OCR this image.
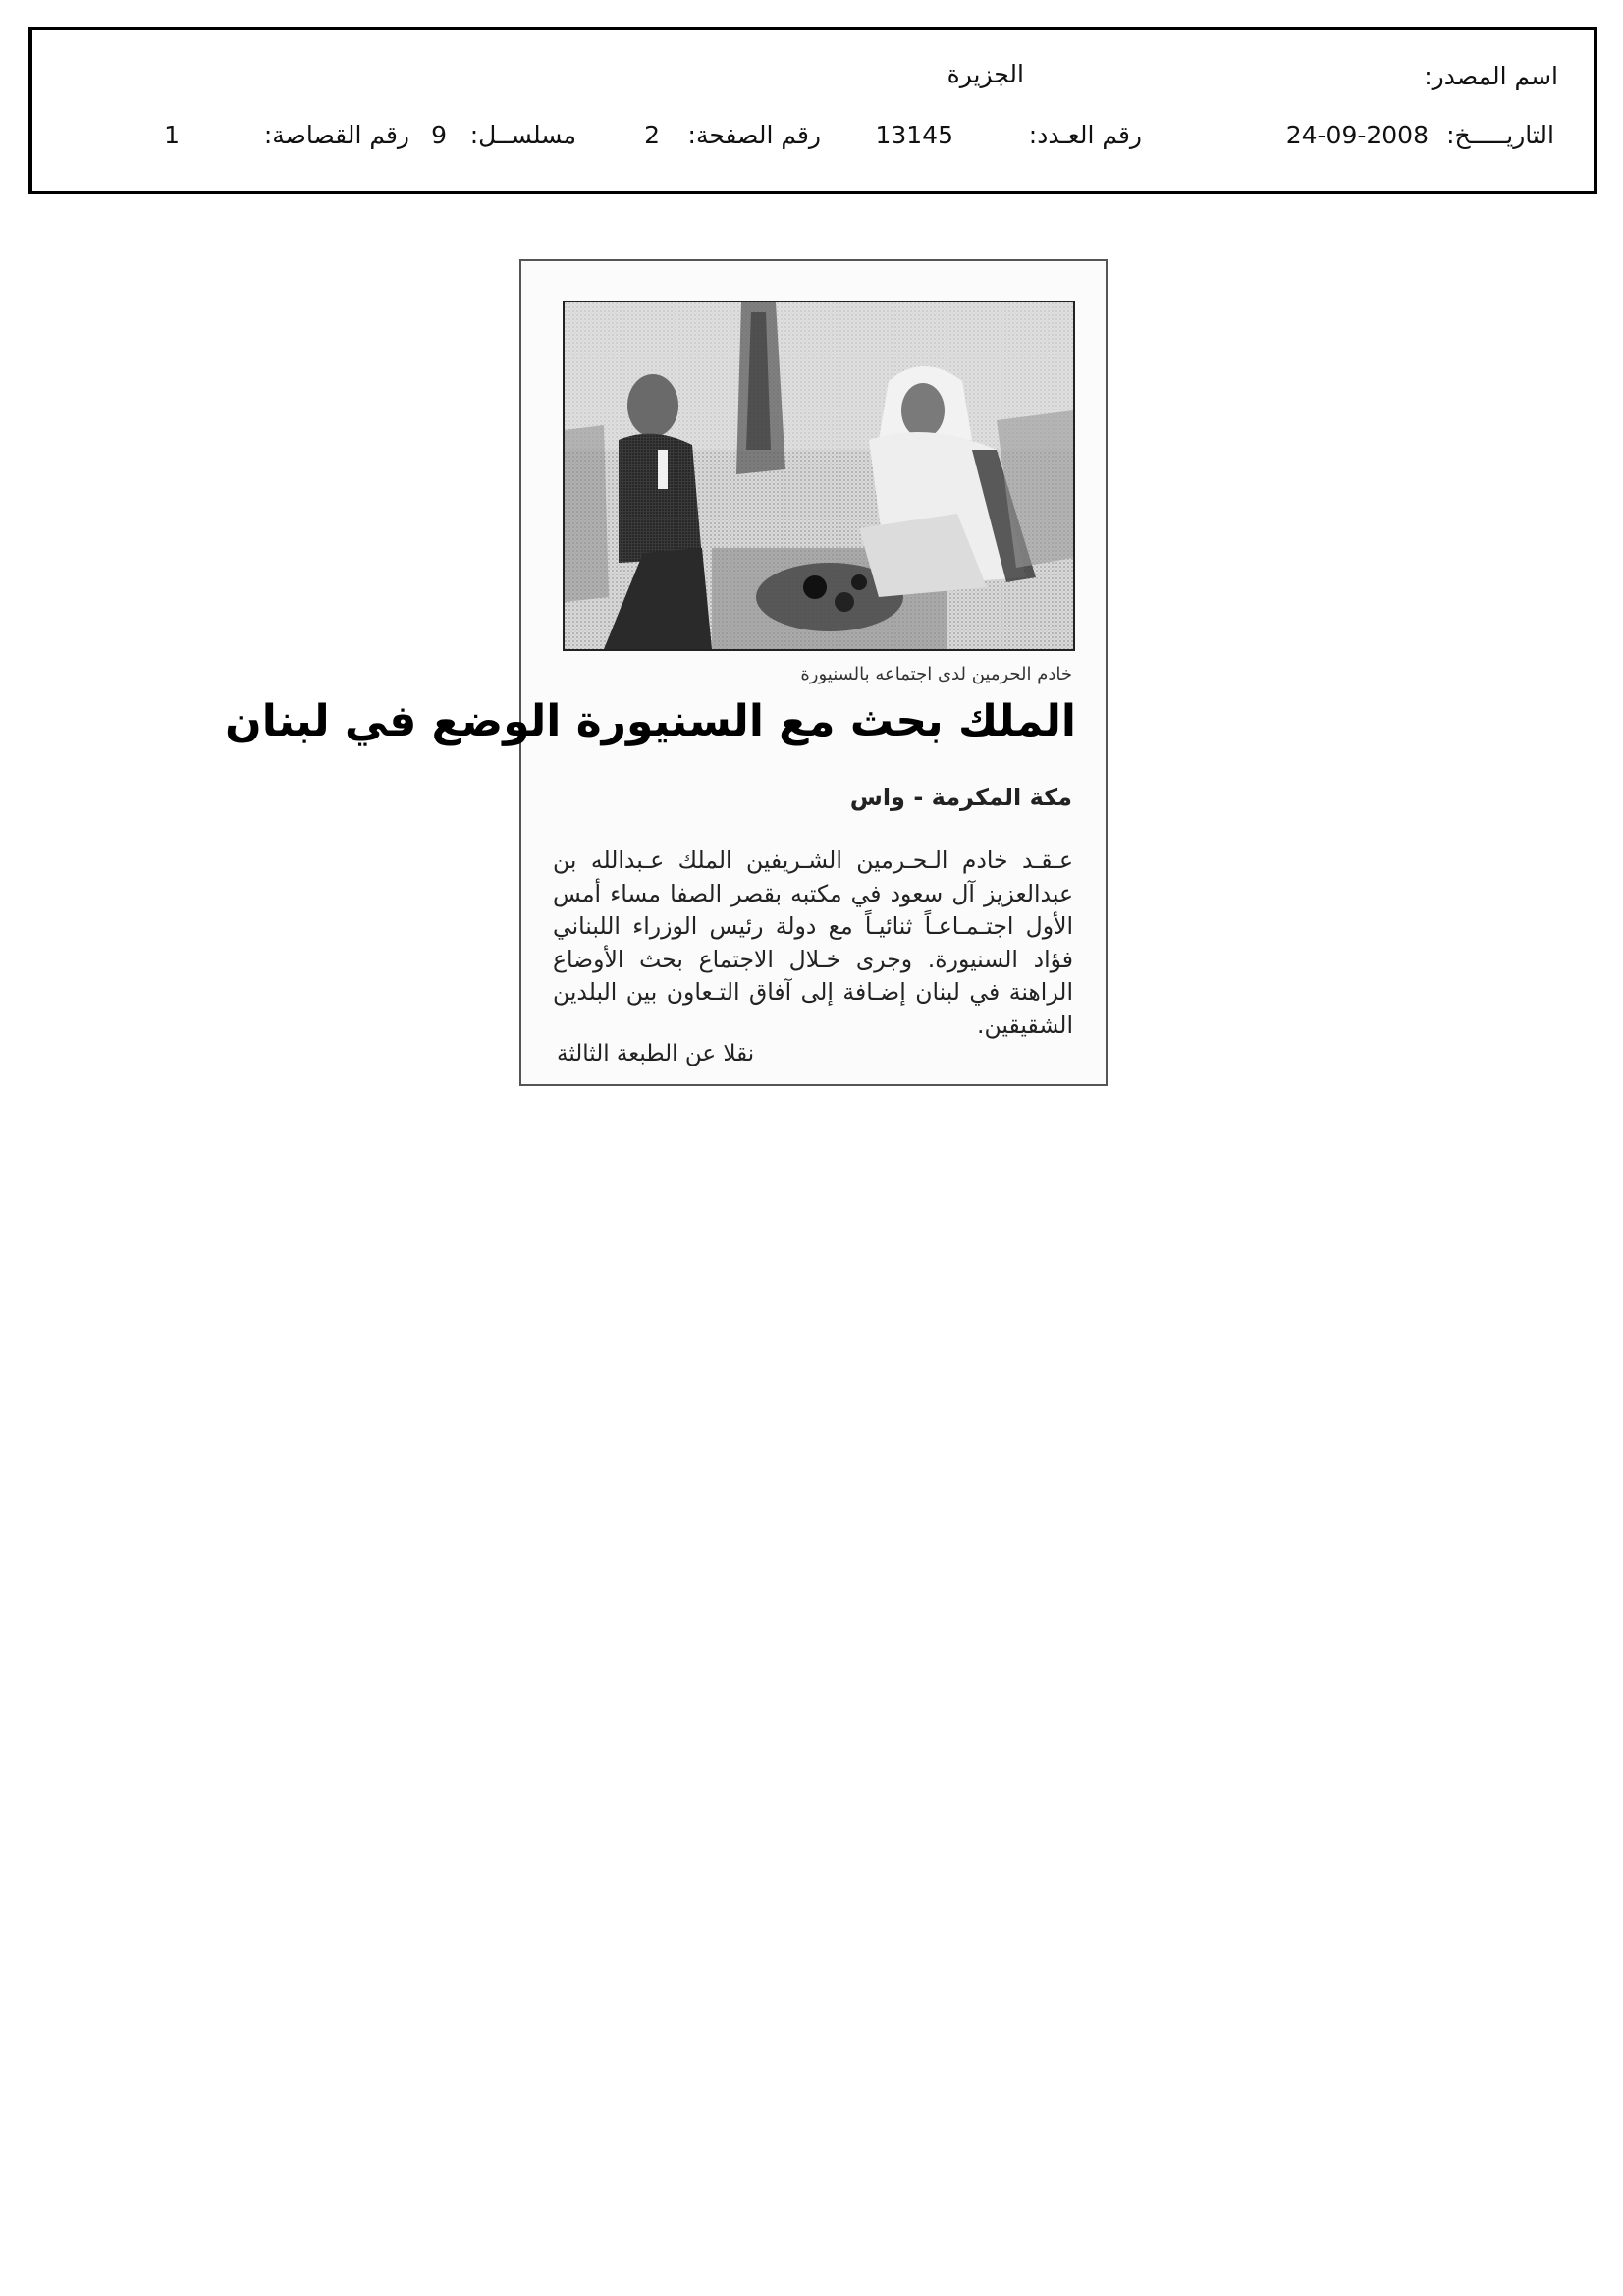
اسم المصدر:
الجزيرة
التاريـــــخ:
24-09-2008
رقم العـدد:
13145
رقم الصفحة:
2
مسلســل:
9
رقم القصاصة:
1
خادم الحرمين لدى اجتماعه بالسنيورة
الملك بحث مع السنيورة الوضع في لبنان
مكة المكرمة - واس
عـقـد خادم الـحـرمين الشـريفين الملك عـبدالله بن
عبدالعزيز آل سعود في مكتبه بقصر الصفا مساء أمس
الأول اجتـمـاعـاً ثنائيـاً مع دولة رئيس الوزراء اللبناني
فؤاد السنيورة. وجرى خـلال الاجتماع بحث الأوضاع
الراهنة في لبنان إضـافة إلى آفاق التـعاون بين البلدين
الشقيقين.
نقلا عن الطبعة الثالثة
